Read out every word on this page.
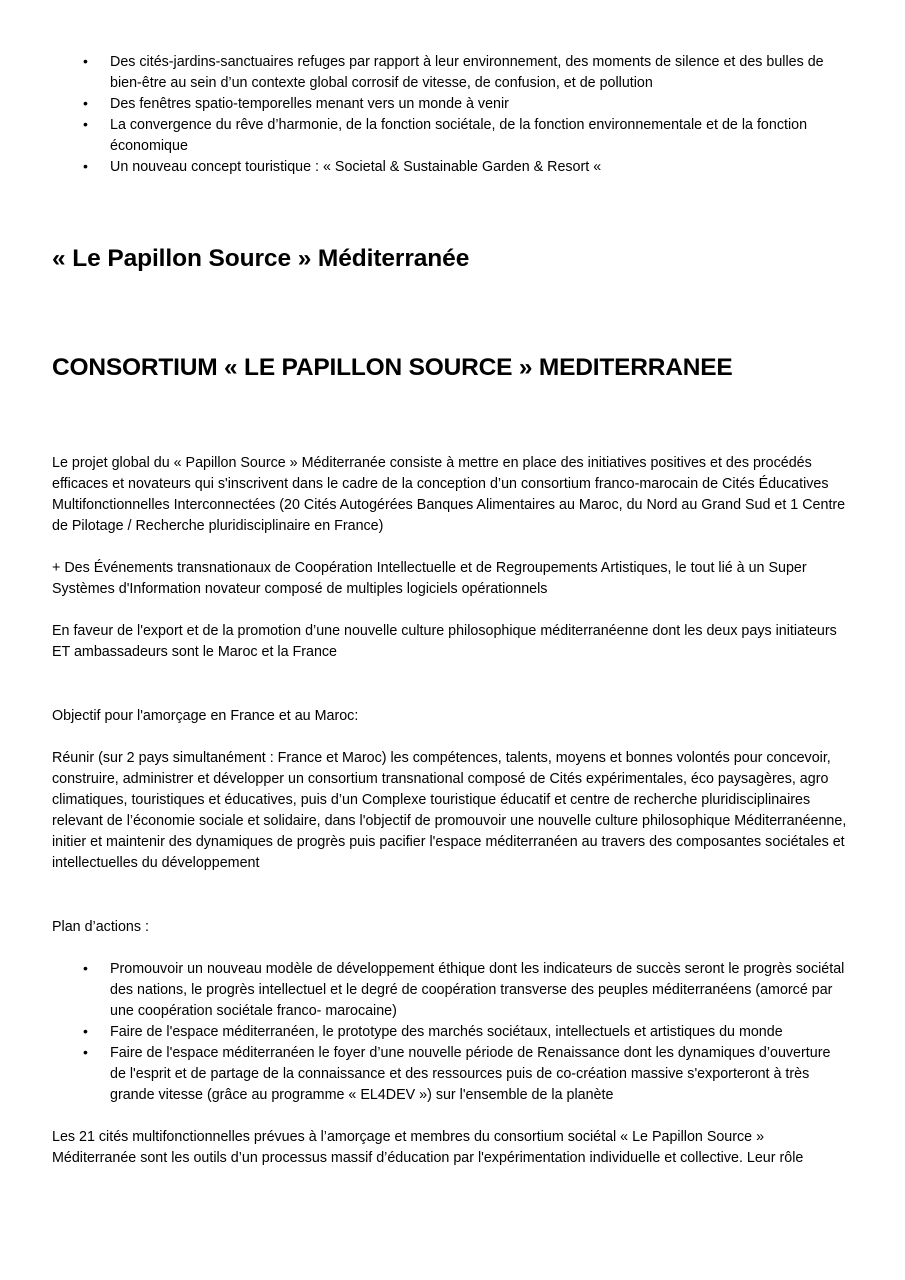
• Des cités-jardins-sanctuaires refuges par rapport à leur environnement, des moments de silence et des bulles de bien-être au sein d’un contexte global corrosif de vitesse, de confusion, et de pollution
• Des fenêtres spatio-temporelles menant vers un monde à venir
• La convergence du rêve d’harmonie, de la fonction sociétale, de la fonction environnementale et de la fonction économique
• Un nouveau concept touristique : « Societal & Sustainable Garden & Resort «
« Le Papillon Source » Méditerranée
CONSORTIUM « LE PAPILLON SOURCE » MEDITERRANEE

Le projet global du « Papillon Source » Méditerranée consiste à mettre en place des initiatives positives et des procédés efficaces et novateurs qui s'inscrivent dans le cadre de la conception d’un consortium franco-marocain de Cités Éducatives Multifonctionnelles Interconnectées (20 Cités Autogérées Banques Alimentaires au Maroc, du Nord au Grand Sud et 1 Centre de Pilotage / Recherche pluridisciplinaire en France)

+ Des Événements transnationaux de Coopération Intellectuelle et de Regroupements Artistiques, le tout lié à un Super Systèmes d'Information novateur composé de multiples logiciels opérationnels

En faveur de l'export et de la promotion d’une nouvelle culture philosophique méditerranéenne dont les deux pays initiateurs ET ambassadeurs sont le Maroc et la France

Objectif pour l'amorçage en France et au Maroc:

Réunir (sur 2 pays simultanément : France et Maroc) les compétences, talents, moyens et bonnes volontés pour concevoir, construire, administrer et développer un consortium transnational composé de Cités expérimentales, éco paysagères, agro climatiques, touristiques et éducatives, puis d’un Complexe touristique éducatif et centre de recherche pluridisciplinaires relevant de l’économie sociale et solidaire, dans l'objectif de promouvoir une nouvelle culture philosophique Méditerranéenne, initier et maintenir des dynamiques de progrès puis pacifier l'espace méditerranéen au travers des composantes sociétales et intellectuelles du développement

Plan d’actions :

• Promouvoir un nouveau modèle de développement éthique dont les indicateurs de succès seront le progrès sociétal des nations, le progrès intellectuel et le degré de coopération transverse des peuples méditerranéens (amorcé par une coopération sociétale franco- marocaine)
• Faire de l'espace méditerranéen, le prototype des marchés sociétaux, intellectuels et artistiques du monde
• Faire de l'espace méditerranéen le foyer d’une nouvelle période de Renaissance dont les dynamiques d’ouverture de l'esprit et de partage de la connaissance et des ressources puis de co-création massive s'exporteront à très grande vitesse (grâce au programme « EL4DEV ») sur l'ensemble de la planète

Les 21 cités multifonctionnelles prévues à l’amorçage et membres du consortium sociétal « Le Papillon Source » Méditerranée sont les outils d’un processus massif d’éducation par l'expérimentation individuelle et collective. Leur rôle
